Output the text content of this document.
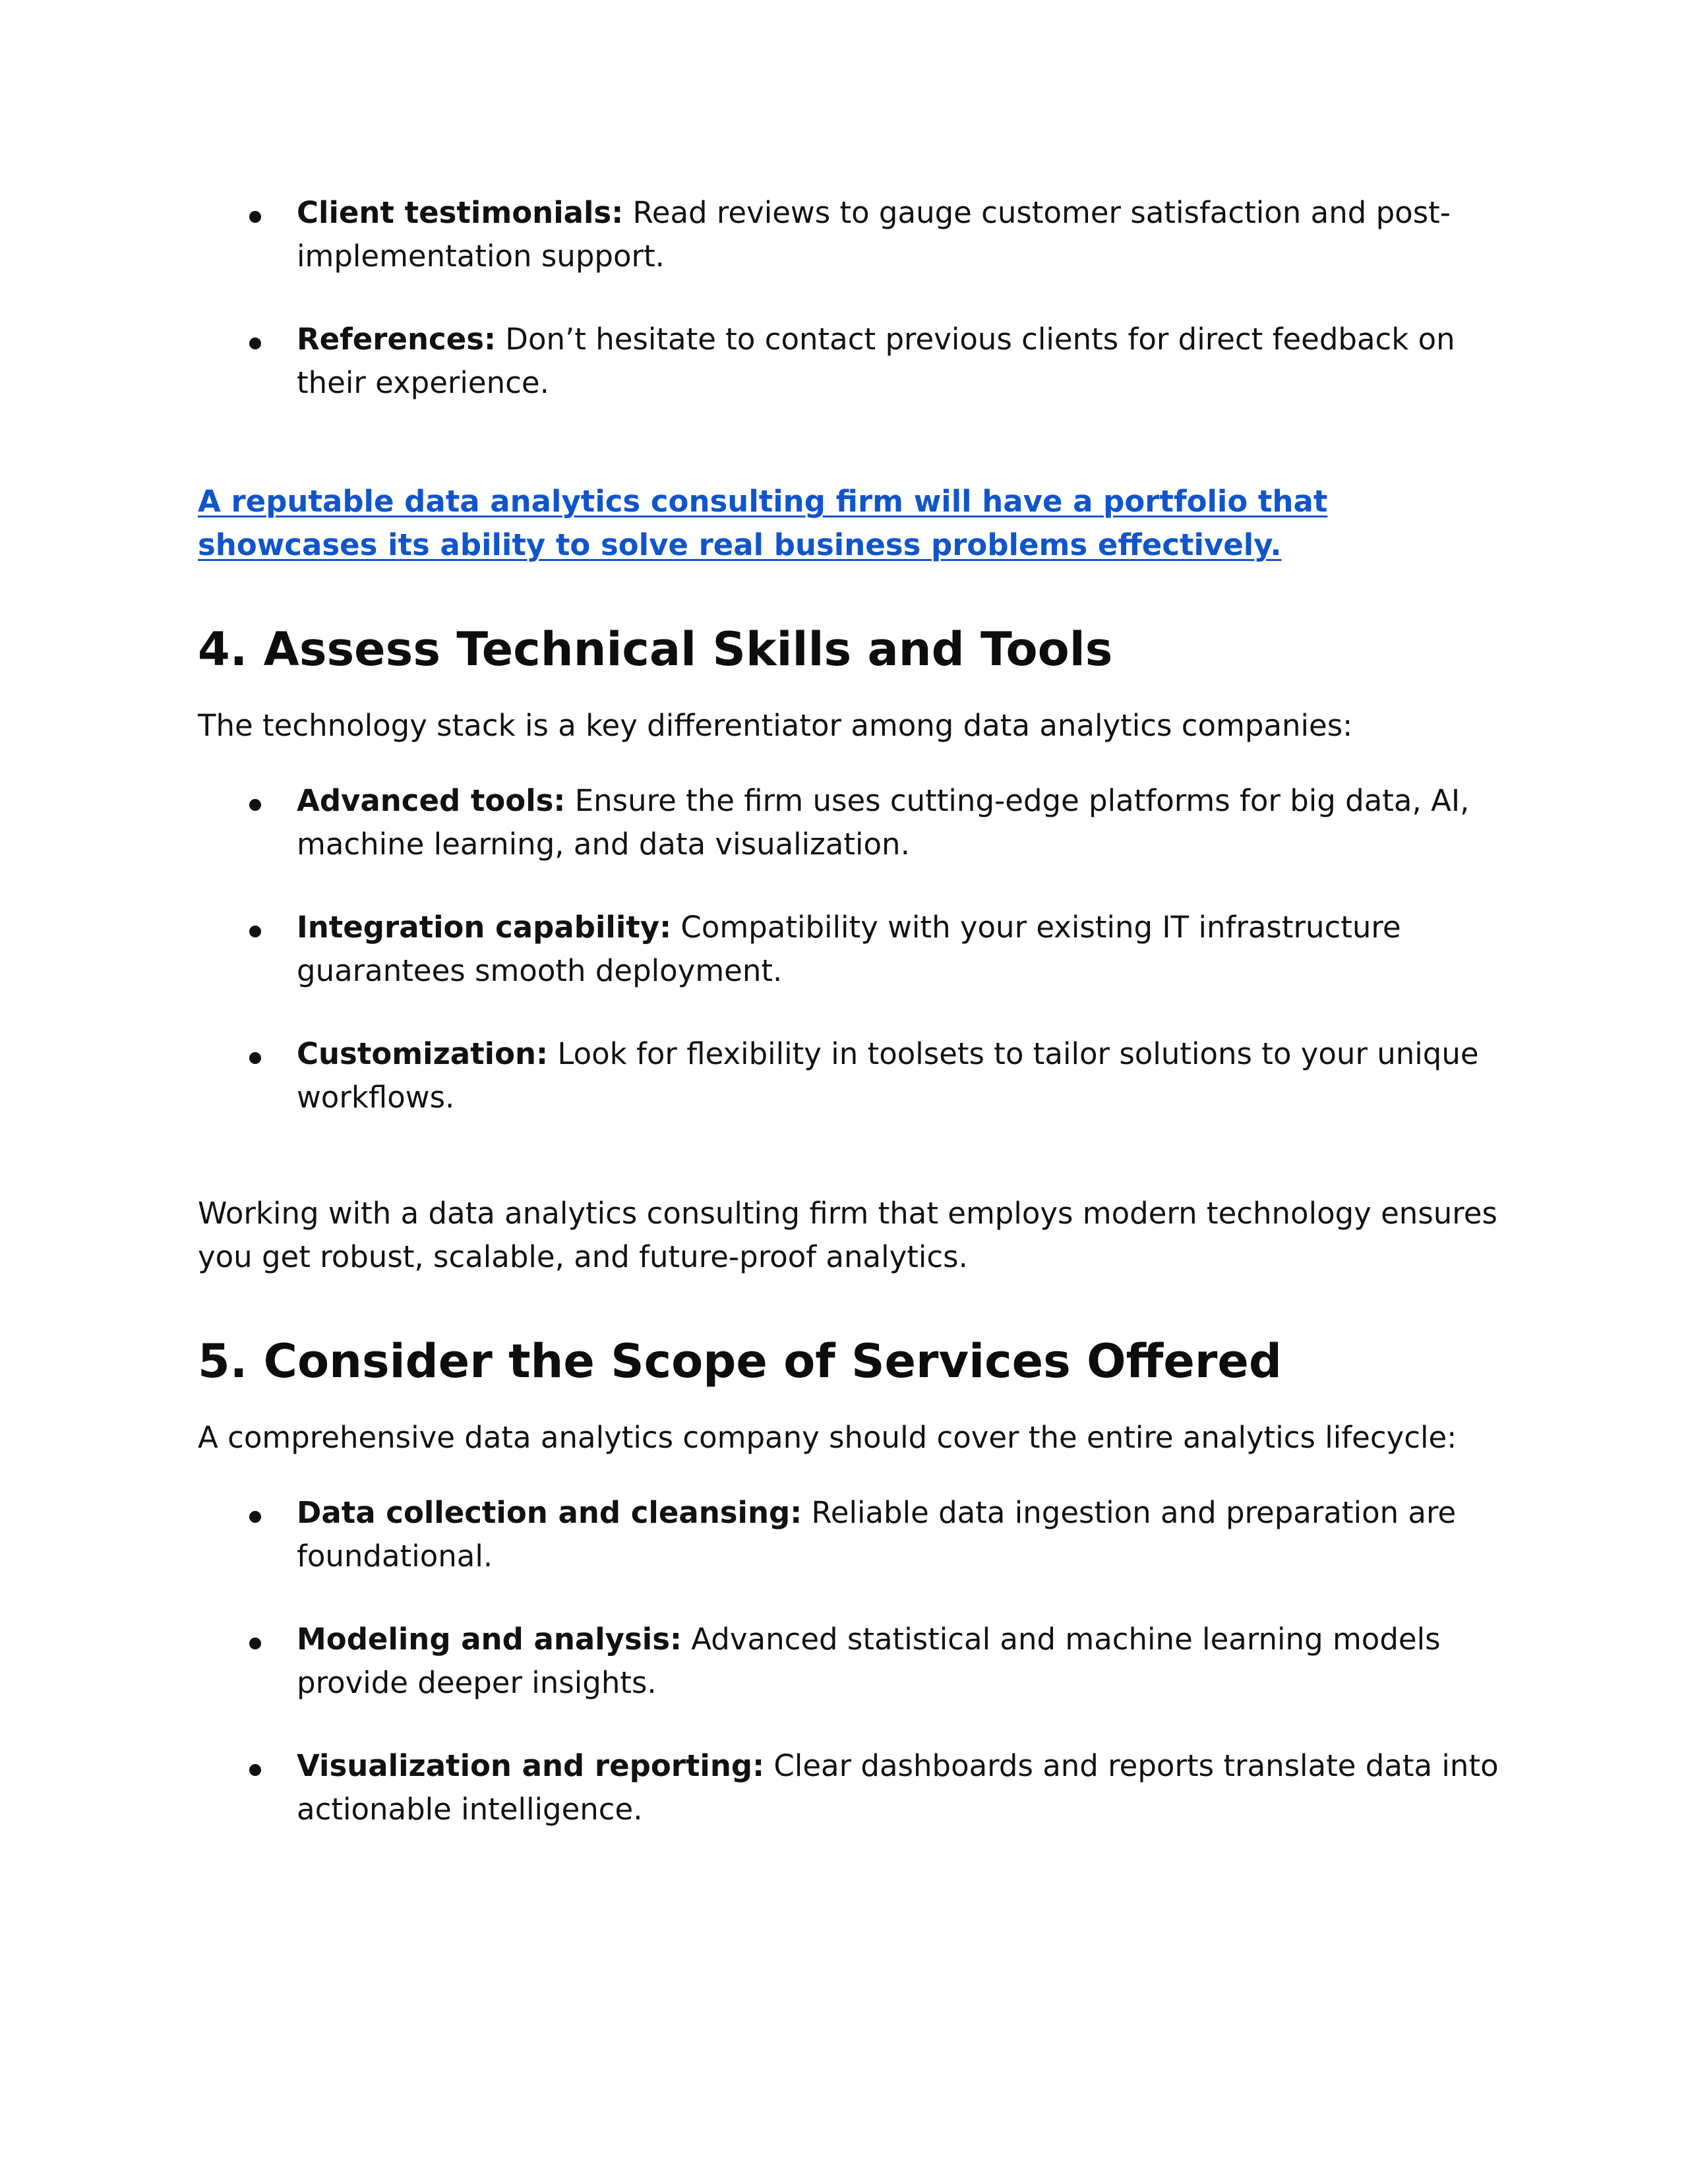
Client testimonials: Read reviews to gauge customer satisfaction and post-implementation support.
References: Don’t hesitate to contact previous clients for direct feedback on their experience.

A reputable data analytics consulting firm will have a portfolio that showcases its ability to solve real business problems effectively.

4. Assess Technical Skills and Tools

The technology stack is a key differentiator among data analytics companies:

Advanced tools: Ensure the firm uses cutting-edge platforms for big data, AI, machine learning, and data visualization.
Integration capability: Compatibility with your existing IT infrastructure guarantees smooth deployment.
Customization: Look for flexibility in toolsets to tailor solutions to your unique workflows.

Working with a data analytics consulting firm that employs modern technology ensures you get robust, scalable, and future-proof analytics.

5. Consider the Scope of Services Offered

A comprehensive data analytics company should cover the entire analytics lifecycle:

Data collection and cleansing: Reliable data ingestion and preparation are foundational.
Modeling and analysis: Advanced statistical and machine learning models provide deeper insights.
Visualization and reporting: Clear dashboards and reports translate data into actionable intelligence.
